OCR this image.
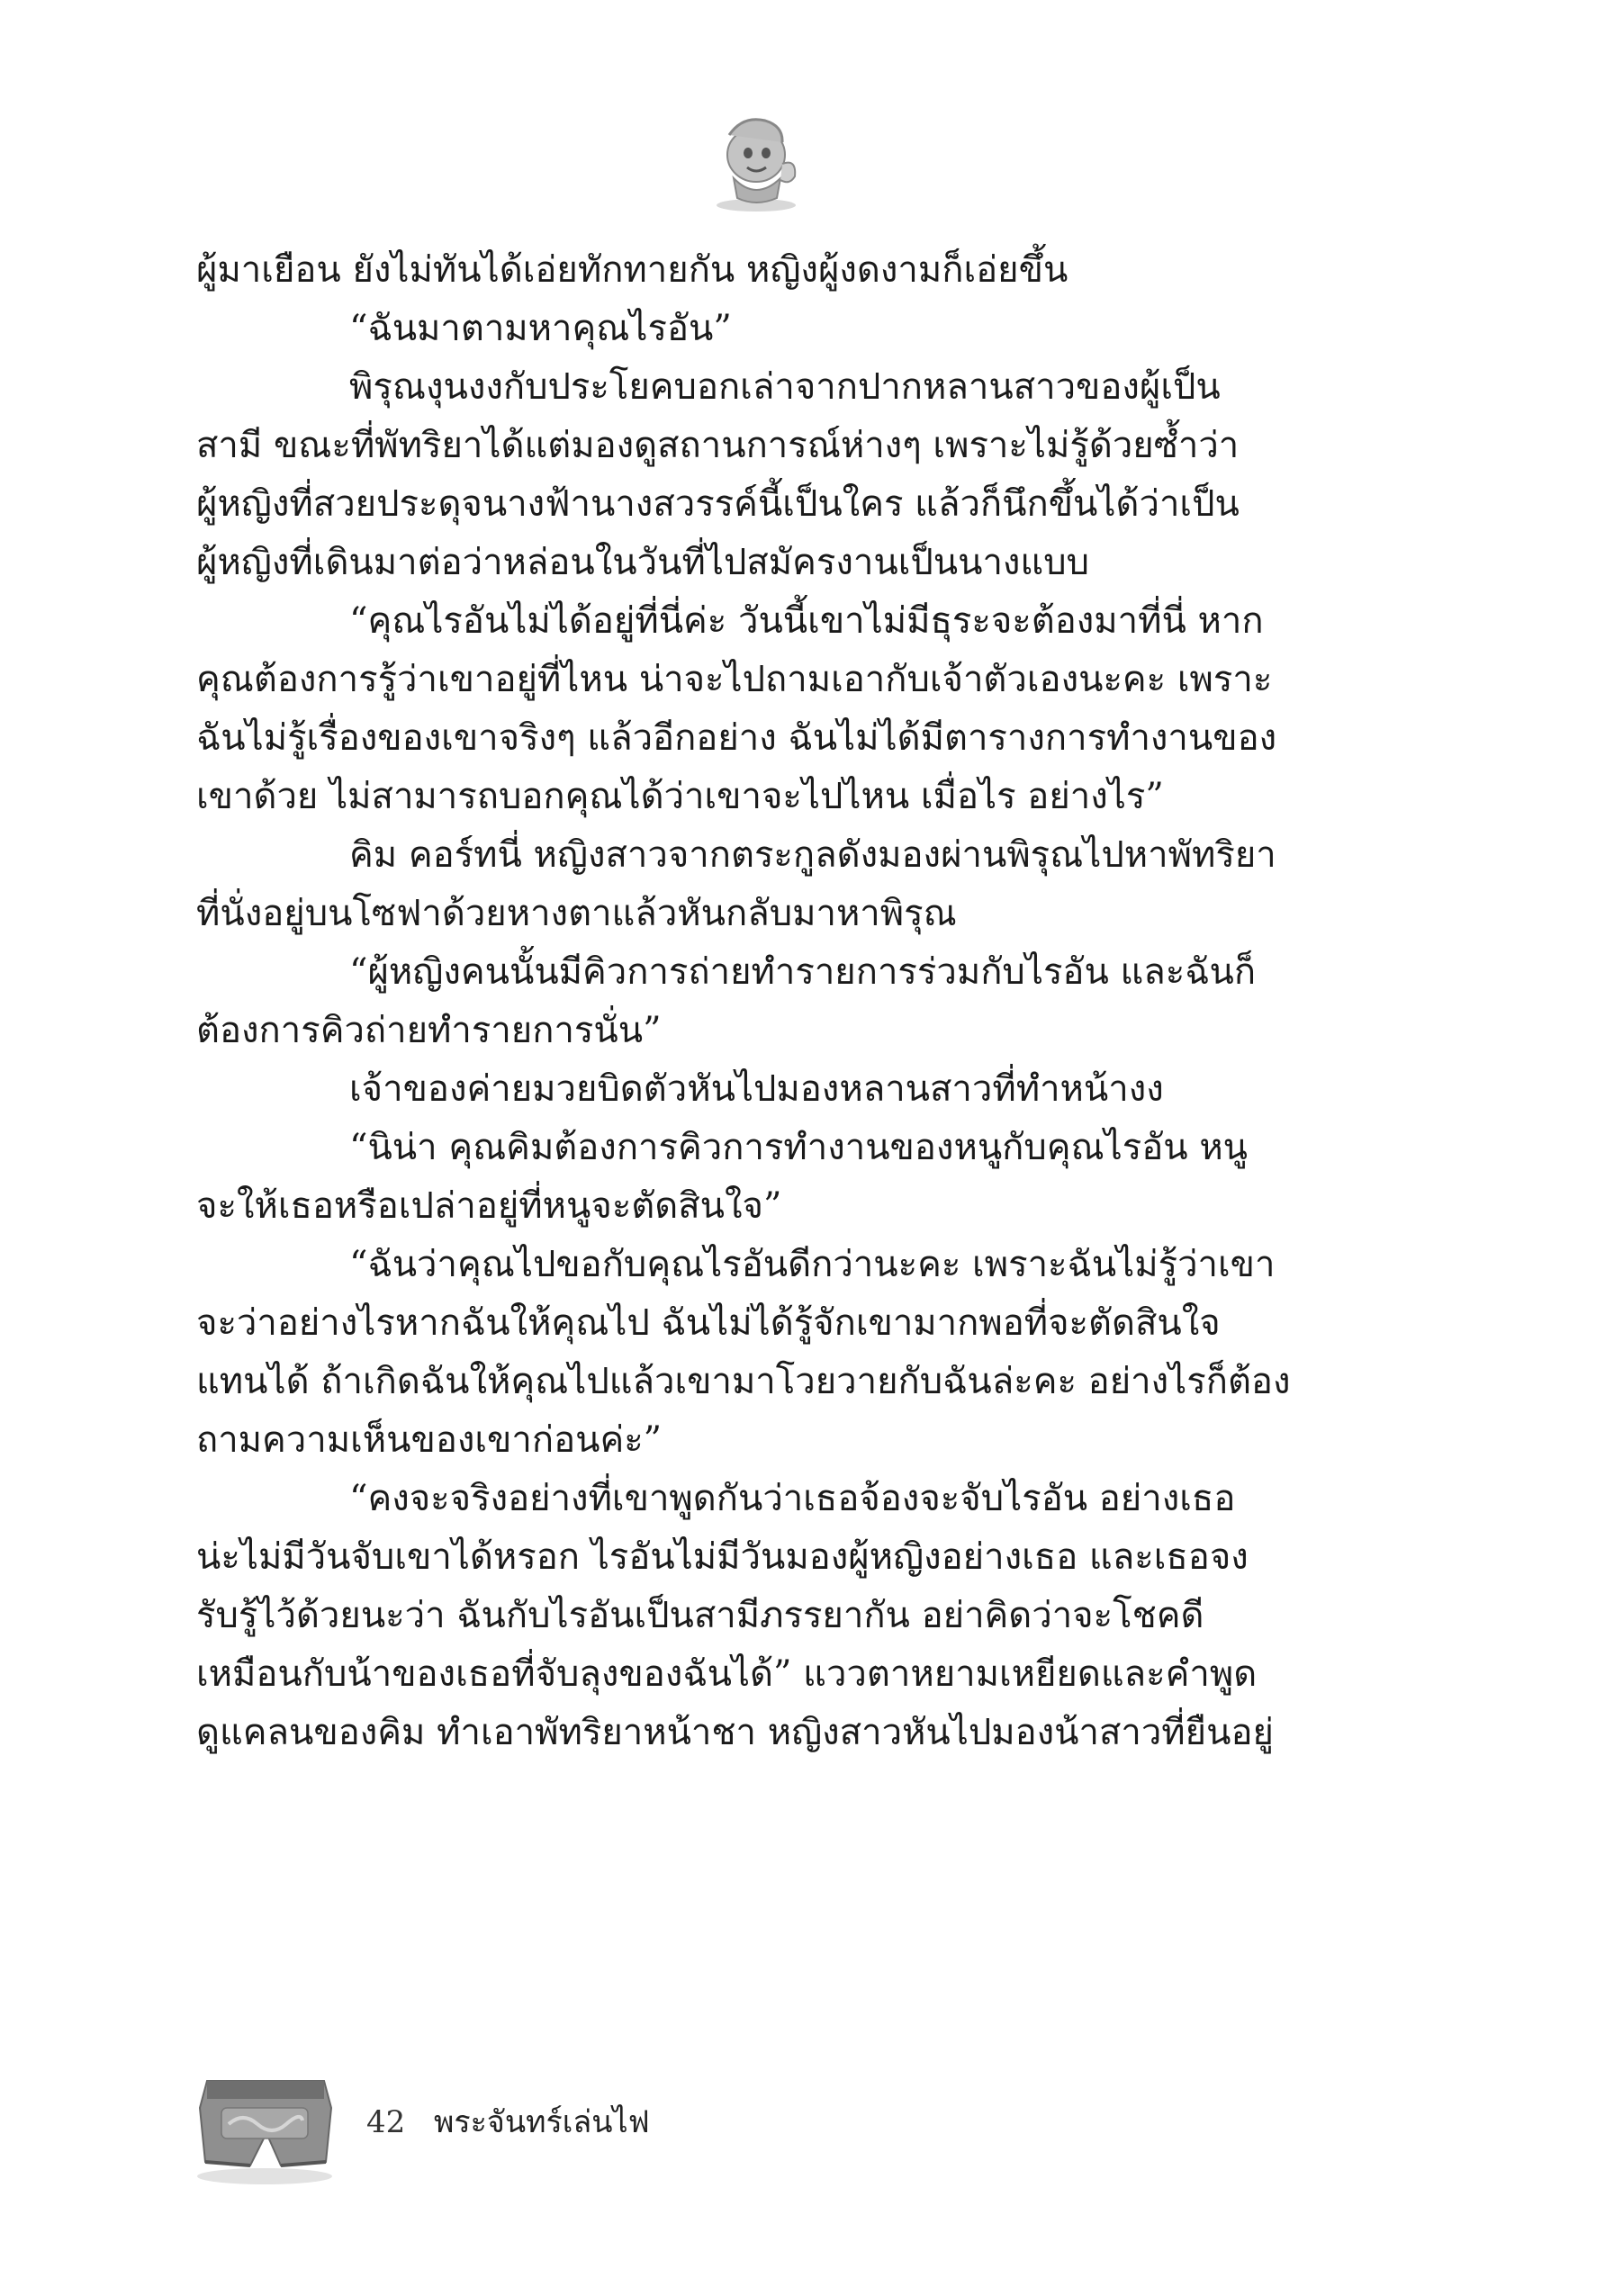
ผู้มาเยือน ยังไม่ทันได้เอ่ยทักทายกัน หญิงผู้งดงามก็เอ่ยขึ้น
“ฉันมาตามหาคุณไรอัน”
พิรุณงุนงงกับประโยคบอกเล่าจากปากหลานสาวของผู้เป็น
สามี ขณะที่พัทริยาได้แต่มองดูสถานการณ์ห่างๆ เพราะไม่รู้ด้วยซ้ำว่า
ผู้หญิงที่สวยประดุจนางฟ้านางสวรรค์นี้เป็นใคร แล้วก็นึกขึ้นได้ว่าเป็น
ผู้หญิงที่เดินมาต่อว่าหล่อนในวันที่ไปสมัครงานเป็นนางแบบ
“คุณไรอันไม่ได้อยู่ที่นี่ค่ะ วันนี้เขาไม่มีธุระจะต้องมาที่นี่ หาก
คุณต้องการรู้ว่าเขาอยู่ที่ไหน น่าจะไปถามเอากับเจ้าตัวเองนะคะ เพราะ
ฉันไม่รู้เรื่องของเขาจริงๆ แล้วอีกอย่าง ฉันไม่ได้มีตารางการทำงานของ
เขาด้วย ไม่สามารถบอกคุณได้ว่าเขาจะไปไหน เมื่อไร อย่างไร”
คิม คอร์ทนี่ หญิงสาวจากตระกูลดังมองผ่านพิรุณไปหาพัทริยา
ที่นั่งอยู่บนโซฟาด้วยหางตาแล้วหันกลับมาหาพิรุณ
“ผู้หญิงคนนั้นมีคิวการถ่ายทำรายการร่วมกับไรอัน และฉันก็
ต้องการคิวถ่ายทำรายการนั่น”
เจ้าของค่ายมวยบิดตัวหันไปมองหลานสาวที่ทำหน้างง
“นิน่า คุณคิมต้องการคิวการทำงานของหนูกับคุณไรอัน หนู
จะให้เธอหรือเปล่าอยู่ที่หนูจะตัดสินใจ”
“ฉันว่าคุณไปขอกับคุณไรอันดีกว่านะคะ เพราะฉันไม่รู้ว่าเขา
จะว่าอย่างไรหากฉันให้คุณไป ฉันไม่ได้รู้จักเขามากพอที่จะตัดสินใจ
แทนได้ ถ้าเกิดฉันให้คุณไปแล้วเขามาโวยวายกับฉันล่ะคะ อย่างไรก็ต้อง
ถามความเห็นของเขาก่อนค่ะ”
“คงจะจริงอย่างที่เขาพูดกันว่าเธอจ้องจะจับไรอัน อย่างเธอ
น่ะไม่มีวันจับเขาได้หรอก ไรอันไม่มีวันมองผู้หญิงอย่างเธอ และเธอจง
รับรู้ไว้ด้วยนะว่า ฉันกับไรอันเป็นสามีภรรยากัน อย่าคิดว่าจะโชคดี
เหมือนกับน้าของเธอที่จับลุงของฉันได้” แววตาหยามเหยียดและคำพูด
ดูแคลนของคิม ทำเอาพัทริยาหน้าชา หญิงสาวหันไปมองน้าสาวที่ยืนอยู่
42 พระจันทร์เล่นไฟ
